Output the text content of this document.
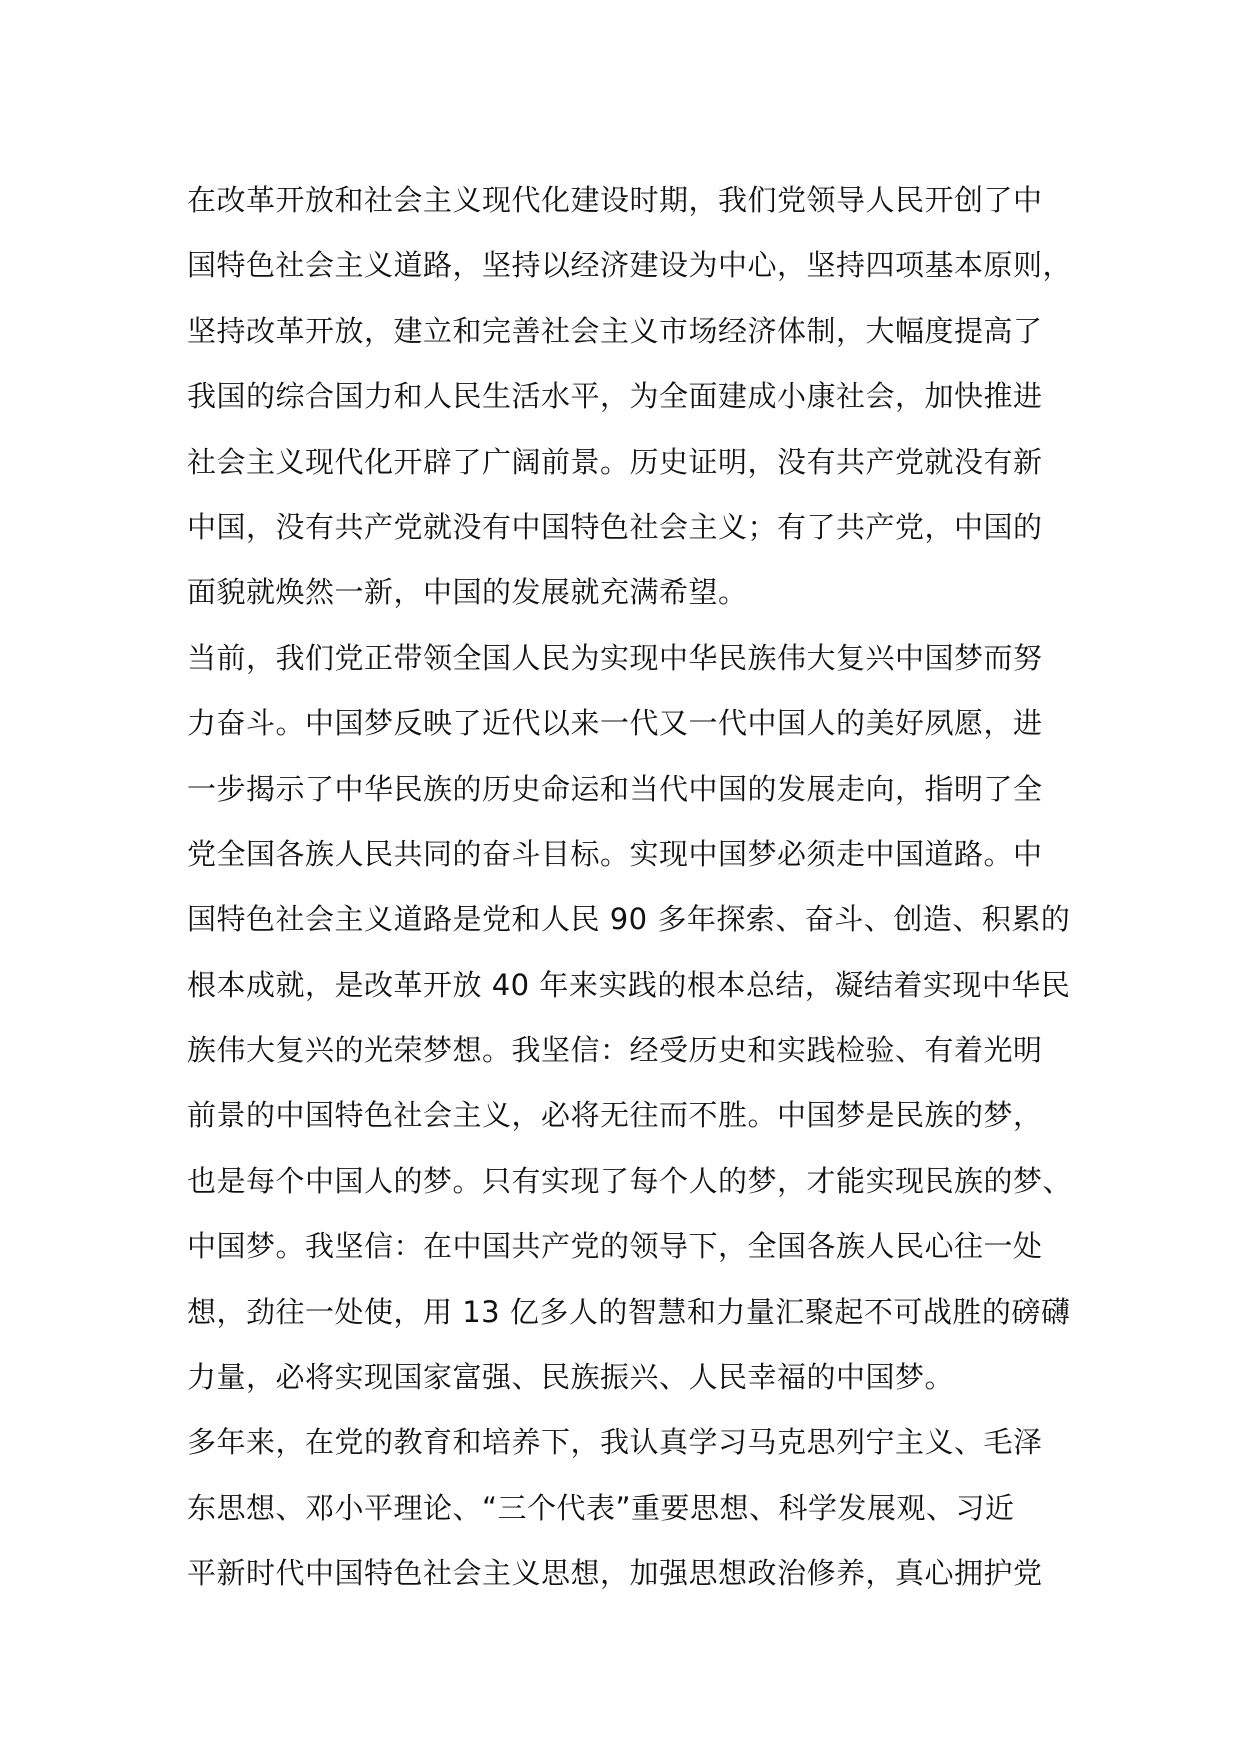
在改革开放和社会主义现代化建设时期，我们党领导人民开创了中
国特色社会主义道路，坚持以经济建设为中心，坚持四项基本原则，
坚持改革开放，建立和完善社会主义市场经济体制，大幅度提高了
我国的综合国力和人民生活水平，为全面建成小康社会，加快推进
社会主义现代化开辟了广阔前景。历史证明，没有共产党就没有新
中国，没有共产党就没有中国特色社会主义；有了共产党，中国的
面貌就焕然一新，中国的发展就充满希望。
当前，我们党正带领全国人民为实现中华民族伟大复兴中国梦而努
力奋斗。中国梦反映了近代以来一代又一代中国人的美好夙愿，进
一步揭示了中华民族的历史命运和当代中国的发展走向，指明了全
党全国各族人民共同的奋斗目标。实现中国梦必须走中国道路。中
国特色社会主义道路是党和人民 90 多年探索、奋斗、创造、积累的
根本成就，是改革开放 40 年来实践的根本总结，凝结着实现中华民
族伟大复兴的光荣梦想。我坚信：经受历史和实践检验、有着光明
前景的中国特色社会主义，必将无往而不胜。中国梦是民族的梦，
也是每个中国人的梦。只有实现了每个人的梦，才能实现民族的梦、
中国梦。我坚信：在中国共产党的领导下，全国各族人民心往一处
想，劲往一处使，用 13 亿多人的智慧和力量汇聚起不可战胜的磅礴
力量，必将实现国家富强、民族振兴、人民幸福的中国梦。
多年来，在党的教育和培养下，我认真学习马克思列宁主义、毛泽
东思想、邓小平理论、“三个代表”重要思想、科学发展观、习近
平新时代中国特色社会主义思想，加强思想政治修养，真心拥护党
